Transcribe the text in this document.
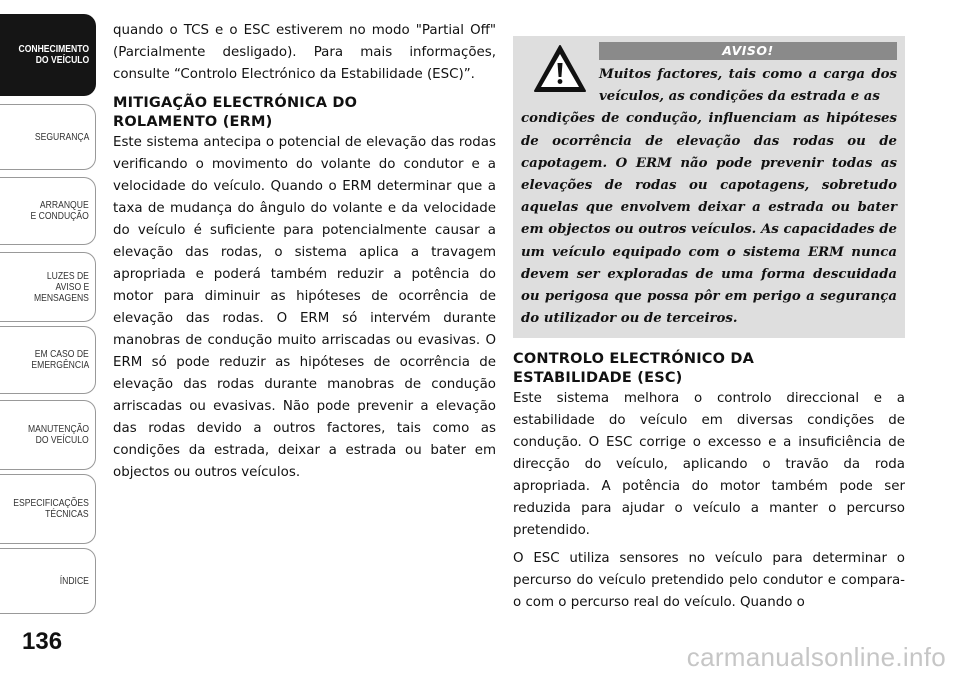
CONHECIMENTO
DO VEÍCULO
SEGURANÇA
ARRANQUE
E CONDUÇÃO
LUZES DE
AVISO E
MENSAGENS
EM CASO DE
EMERGÊNCIA
MANUTENÇÃO
DO VEÍCULO
ESPECIFICAÇÕES
TÉCNICAS
ÍNDICE
136

quando o TCS e o ESC estiverem no modo "Partial Off" (Parcialmente desligado). Para mais informações, consulte “Controlo Electrónico da Estabilidade (ESC)”.

MITIGAÇÃO ELECTRÓNICA DO
ROLAMENTO (ERM)

Este sistema antecipa o potencial de elevação das rodas verificando o movimento do volante do condutor e a velocidade do veículo. Quando o ERM determinar que a taxa de mudança do ângulo do volante e da velocidade do veículo é suficiente para potencialmente causar a elevação das rodas, o sistema aplica a travagem apropriada e poderá também reduzir a potência do motor para diminuir as hipóteses de ocorrência de elevação das rodas. O ERM só intervém durante manobras de condução muito arriscadas ou evasivas. O ERM só pode reduzir as hipóteses de ocorrência de elevação das rodas durante manobras de condução arriscadas ou evasivas. Não pode prevenir a elevação das rodas devido a outros factores, tais como as condições da estrada, deixar a estrada ou bater em objectos ou outros veículos.

AVISO!

Muitos factores, tais como a carga dos veículos, as condições da estrada e as

condições de condução, influenciam as hipóteses de ocorrência de elevação das rodas ou de capotagem. O ERM não pode prevenir todas as elevações de rodas ou capotagens, sobretudo aquelas que envolvem deixar a estrada ou bater em objectos ou outros veículos. As capacidades de um veículo equipado com o sistema ERM nunca devem ser exploradas de uma forma descuidada ou perigosa que possa pôr em perigo a segurança do utilizador ou de terceiros.

CONTROLO ELECTRÓNICO DA
ESTABILIDADE (ESC)

Este sistema melhora o controlo direccional e a estabilidade do veículo em diversas condições de condução. O ESC corrige o excesso e a insuficiência de direcção do veículo, aplicando o travão da roda apropriada. A potência do motor também pode ser reduzida para ajudar o veículo a manter o percurso pretendido.

O ESC utiliza sensores no veículo para determinar o percurso do veículo pretendido pelo condutor e compara-o com o percurso real do veículo. Quando o

carmanualsonline.info
